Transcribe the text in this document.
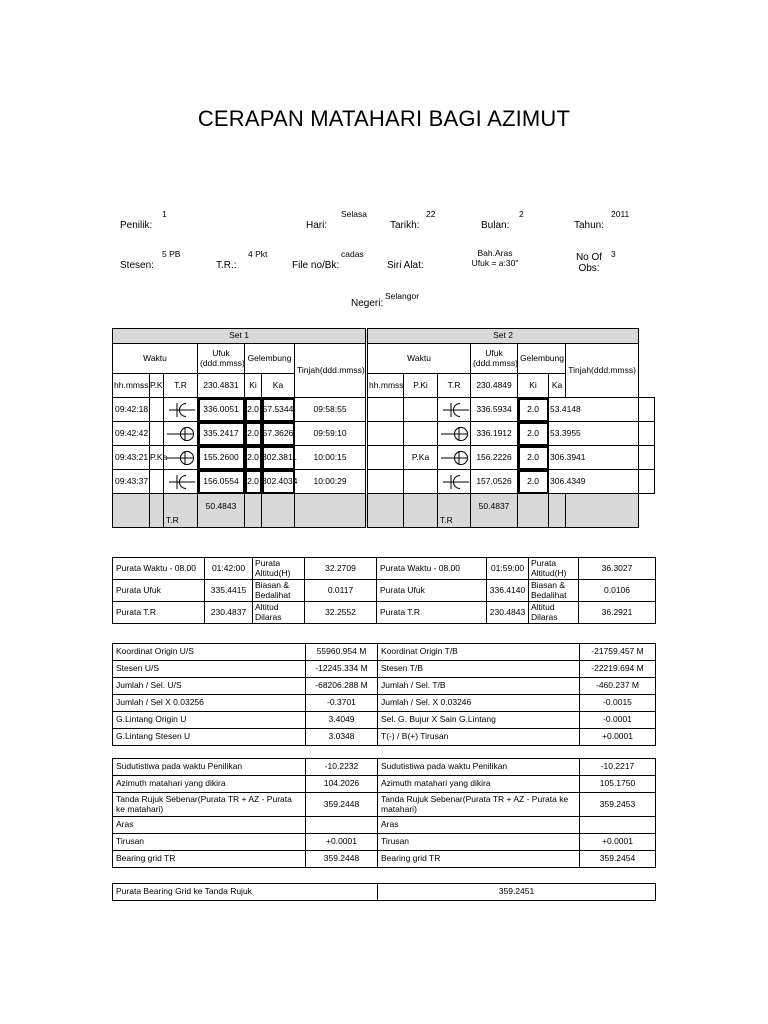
CERAPAN MATAHARI BAGI AZIMUT
Penilik:
1
Hari:
Selasa
Tarikh:
22
Bulan:
2
Tahun:
2011
Stesen:
5 PB
T.R.:
4 Pkt
File no/Bk:
cadas
Siri Alat:
Bah.Aras Ufuk = a:30"	No Of Obs:
3
Negeri:
Selangor
Set 1							Set 2							
Waktu			Ufuk (ddd.mmss)	Gelembung		Tinjah(ddd.mmss)	Waktu			Ufuk (ddd.mmss)	Gelembung		Tinjah(ddd.mmss)	
hh.mmss	P.Ki	T.R	230.4831	Ki	Ka		hh.mmss	P.Ki	T.R	230.4849	Ki	Ka		
09:42:18			336.0051	2.0	57.5344	09:58:55				336.5934	2.0	53.4148		
09:42:42			335.2417	2.0	57.3626	09:59:10				336.1912	2.0	53.3955		
09:43:21	P.Ka		155.2600	2.0	302.3811	10:00:15		P.Ka		156.2226	2.0	306.3941		
09:43:37			156.0554	2.0	302.4034	10:00:29				157.0526	2.0	306.4349		
		T.R	50.4843						T.R	50.4837				
Purata Waktu - 08.00	01:42:00	Purata Altitud(H)	32.2709	Purata Waktu - 08.00	01:59:00	Purata Altitud(H)	36.3027
Purata Ufuk	335.4415	Biasan & Bedalihat	0.0117	Purata Ufuk	336.4140	Biasan & Bedalihat	0.0106
Purata T.R	230.4837	Altitud Dilaras	32.2552	Purata T.R	230.4843	Altitud Dilaras	36.2921
Koordinat Origin U/S	55960.954 M	Koordinat Origin T/B	-21759.457 M
Stesen U/S	-12245.334 M	Stesen T/B	-22219.694 M
Jumlah / Sel. U/S	-68206.288 M	Jumlah / Sel. T/B	-460.237 M
Jumlah / Sel X 0.03256	-0.3701	Jumlah / Sel. X 0.03246	-0.0015
G.Lintang Origin U	3.4049	Sel. G. Bujur X Sain G.Lintang	-0.0001
G.Lintang Stesen U	3.0348	T(-) / B(+) Tirusan	+0.0001
Sudutistiwa pada waktu Penilikan	-10.2232	Sudutistiwa pada waktu Penilikan	-10.2217
Azimuth matahari yang dikira	104.2026	Azimuth matahari yang dikira	105.1750
Tanda Rujuk Sebenar(Purata TR + AZ - Purata ke matahari)	359.2448	Tanda Rujuk Sebenar(Purata TR + AZ - Purata ke matahari)	359.2453
Aras		Aras	
Tirusan	+0.0001	Tirusan	+0.0001
Bearing grid TR	359.2448	Bearing grid TR	359.2454
Purata Bearing Grid ke Tanda Rujuk	359.2451
